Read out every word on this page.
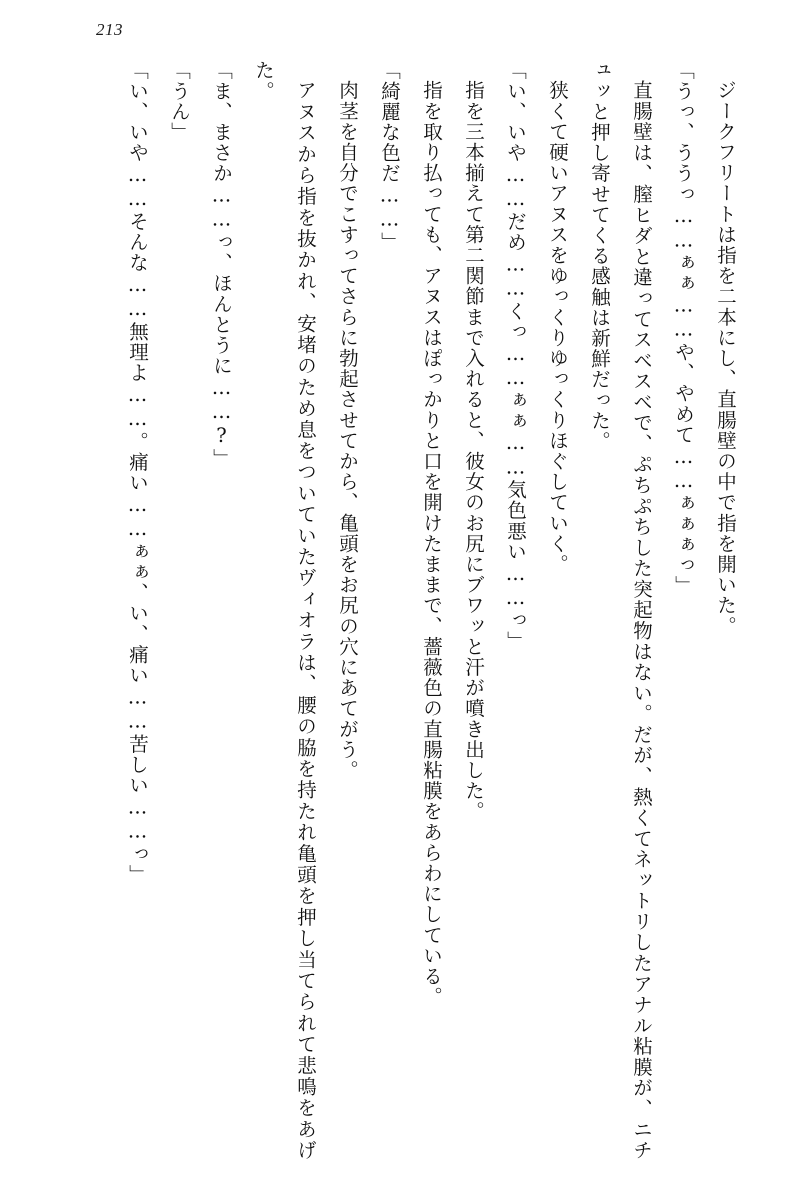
213

ジークフリートは指を二本にし、直腸壁の中で指を開いた。

「うっ、ううっ……ぁぁ……や、やめて……ぁぁぁっ」

直腸壁は、膣ヒダと違ってスベスベで、ぷちぷちした突起物はない。だが、熱くてネットリしたアナル粘膜が、ニチュッと押し寄せてくる感触は新鮮だった。

狭くて硬いアヌスをゆっくりゆっくりほぐしていく。

「い、いや……だめ……くっ……ぁぁ……気色悪い……っ」

指を三本揃えて第二関節まで入れると、彼女のお尻にブワッと汗が噴き出した。

指を取り払っても、アヌスはぽっかりと口を開けたままで、薔薇色の直腸粘膜をあらわにしている。

「綺麗な色だ……」

肉茎を自分でこすってさらに勃起させてから、亀頭をお尻の穴にあてがう。

アヌスから指を抜かれ、安堵のため息をついていたヴィオラは、腰の脇を持たれ亀頭を押し当てられて悲鳴をあげた。

「ま、まさか……っ、ほんとうに……?」

「うん」

「い、いや……そんな……無理よ……。痛い……ぁぁ、い、痛い……苦しい……っ」
